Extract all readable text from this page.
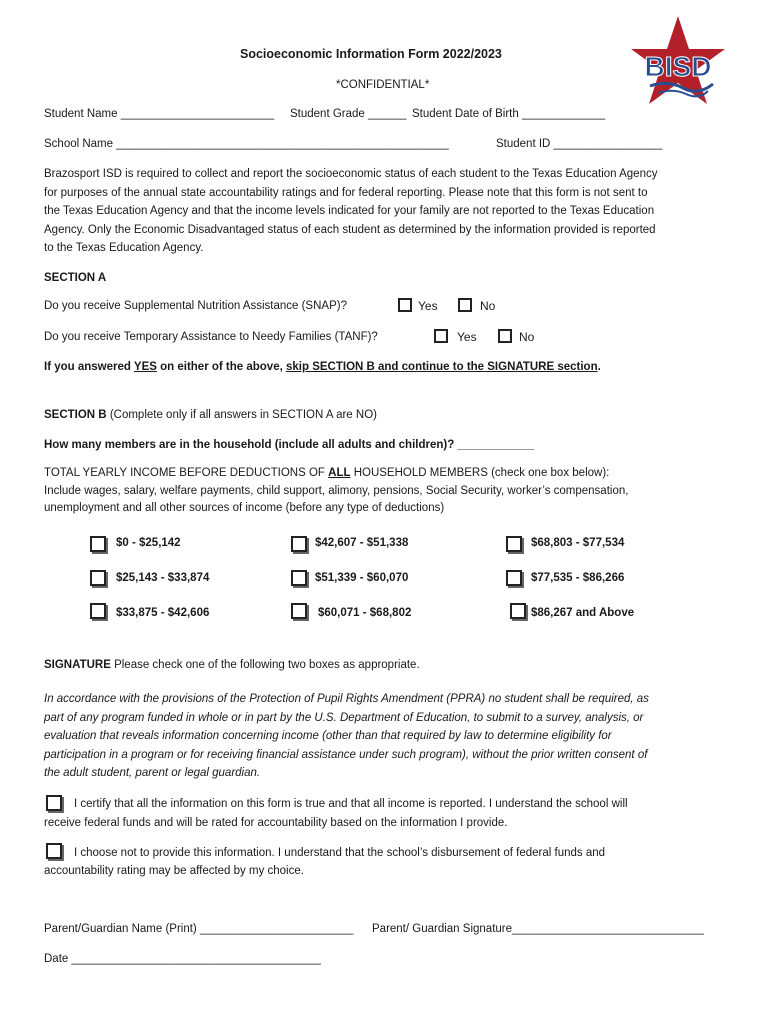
BISD
Socioeconomic Information Form 2022/2023
*CONFIDENTIAL*
Student Name ________________________ Student Grade ______ Student Date of Birth _____________
School Name ____________________________________________________	Student ID _________________
Brazosport ISD is required to collect and report the socioeconomic status of each student to the Texas Education Agency
for purposes of the annual state accountability ratings and for federal reporting. Please note that this form is not sent to
the Texas Education Agency and that the income levels indicated for your family are not reported to the Texas Education
Agency. Only the Economic Disadvantaged status of each student as determined by the information provided is reported
to the Texas Education Agency.
SECTION A
Do you receive Supplemental Nutrition Assistance (SNAP)?	Yes	No
Do you receive Temporary Assistance to Needy Families (TANF)?	Yes	No
If you answered YES on either of the above, skip SECTION B and continue to the SIGNATURE section.
SECTION B (Complete only if all answers in SECTION A are NO)
How many members are in the household (include all adults and children)? ____________
TOTAL YEARLY INCOME BEFORE DEDUCTIONS OF ALL HOUSEHOLD MEMBERS (check one box below):
Include wages, salary, welfare payments, child support, alimony, pensions, Social Security, worker’s compensation,
unemployment and all other sources of income (before any type of deductions)
$0 - $25,142	$42,607 - $51,338	$68,803 - $77,534
$25,143 - $33,874	$51,339 - $60,070	$77,535 - $86,266
$33,875 - $42,606	$60,071 - $68,802	$86,267 and Above
SIGNATURE Please check one of the following two boxes as appropriate.
In accordance with the provisions of the Protection of Pupil Rights Amendment (PPRA) no student shall be required, as
part of any program funded in whole or in part by the U.S. Department of Education, to submit to a survey, analysis, or
evaluation that reveals information concerning income (other than that required by law to determine eligibility for
participation in a program or for receiving financial assistance under such program), without the prior written consent of
the adult student, parent or legal guardian.
I certify that all the information on this form is true and that all income is reported. I understand the school will
receive federal funds and will be rated for accountability based on the information I provide.
I choose not to provide this information. I understand that the school’s disbursement of federal funds and
accountability rating may be affected by my choice.
Parent/Guardian Name (Print) ________________________ Parent/ Guardian Signature______________________________
Date _______________________________________
